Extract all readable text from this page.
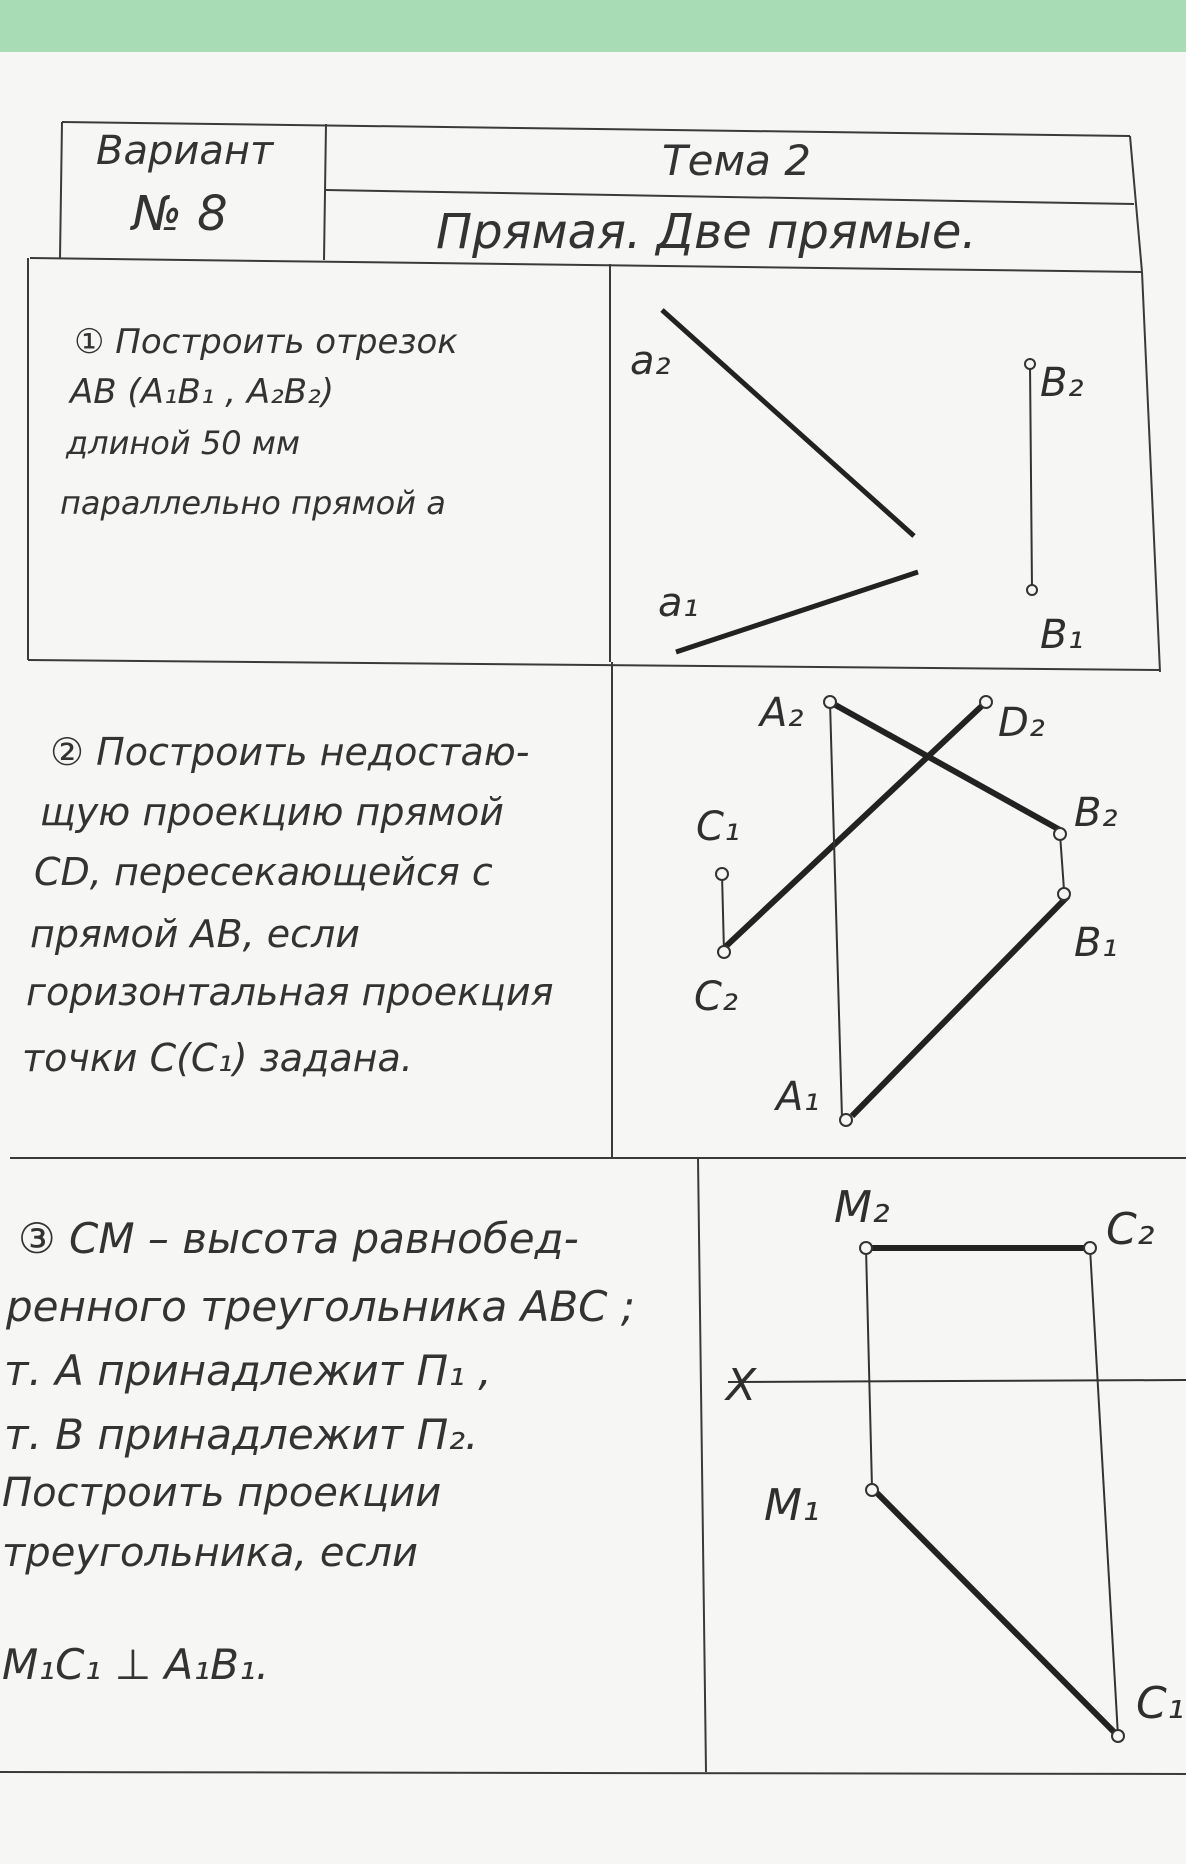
a₂
a₁
B₂
B₁
A₂	D₂
B₂
C₁
B₁
C₂
A₁
M₂	C₂
X
M₁
C₁
Вариант
№ 8
Тема 2
Прямая. Две прямые.
① Построить отрезок
AB (A₁B₁ , A₂B₂)
длиной 50 мм
параллельно прямой a
② Построить недостаю-
щую проекцию прямой
CD, пересекающейся с
прямой AB, если
горизонтальная проекция
точки C(C₁) задана.
③ CM – высота равнобед-
ренного треугольника ABC ;
т. A принадлежит П₁ ,
т. B принадлежит П₂.
Построить проекции
треугольника, если
M₁C₁ ⊥ A₁B₁.
